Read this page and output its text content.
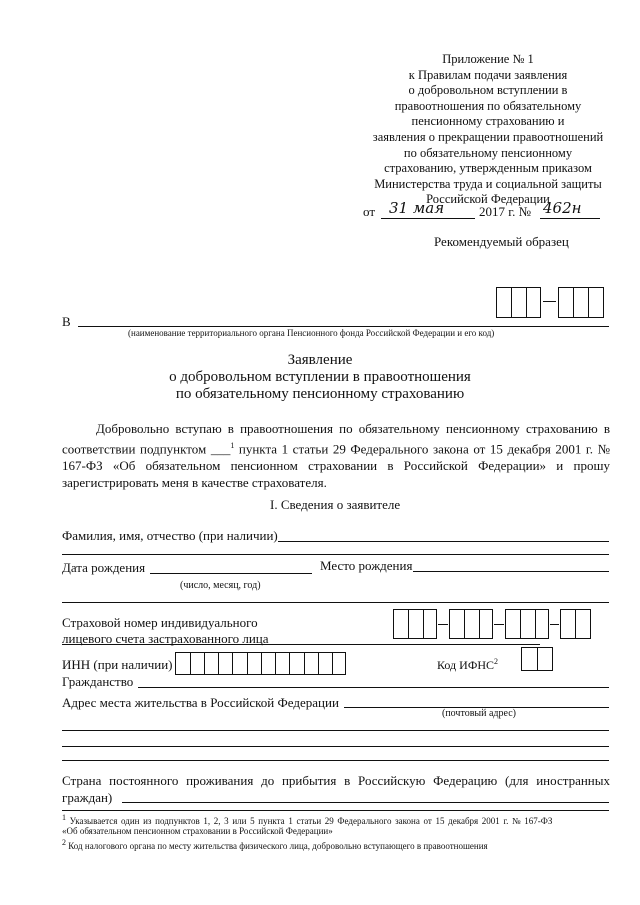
Приложение № 1
к Правилам подачи заявления
о добровольном вступлении в
правоотношения по обязательному
пенсионному страхованию и
заявления о прекращении правоотношений
по обязательному пенсионному
страхованию, утвержденным приказом
Министерства труда и социальной защиты
Российской Федерации
от 31 мая	2017 г. № 462н
Рекомендуемый образец
В
(наименование территориального органа Пенсионного фонда Российской Федерации и его код)
Заявление
о добровольном вступлении в правоотношения
по обязательному пенсионному страхованию
Добровольно вступаю в правоотношения по обязательному пенсионному страхованию в соответствии подпунктом ___$^1$ пункта 1 статьи 29 Федерального закона от 15 декабря 2001 г. № 167-ФЗ «Об обязательном пенсионном страховании в Российской Федерации» и прошу зарегистрировать меня в качестве страхователя.
I. Сведения о заявителе
Фамилия, имя, отчество (при наличии)
Дата рождения	Место рождения
(число, месяц, год)
Страховой номер индивидуального
лицевого счета застрахованного лица
ИНН (при наличии)	Код ИФНС$^2$
Гражданство
Адрес места жительства в Российской Федерации
(почтовый адрес)
Страна постоянного проживания до прибытия в Российскую Федерацию (для иностранных
граждан)
1 Указывается один из подпунктов 1, 2, 3 или 5 пункта 1 статьи 29 Федерального закона от 15 декабря 2001 г. № 167-ФЗ
«Об обязательном пенсионном страховании в Российской Федерации»
2 Код налогового органа по месту жительства физического лица, добровольно вступающего в правоотношения
